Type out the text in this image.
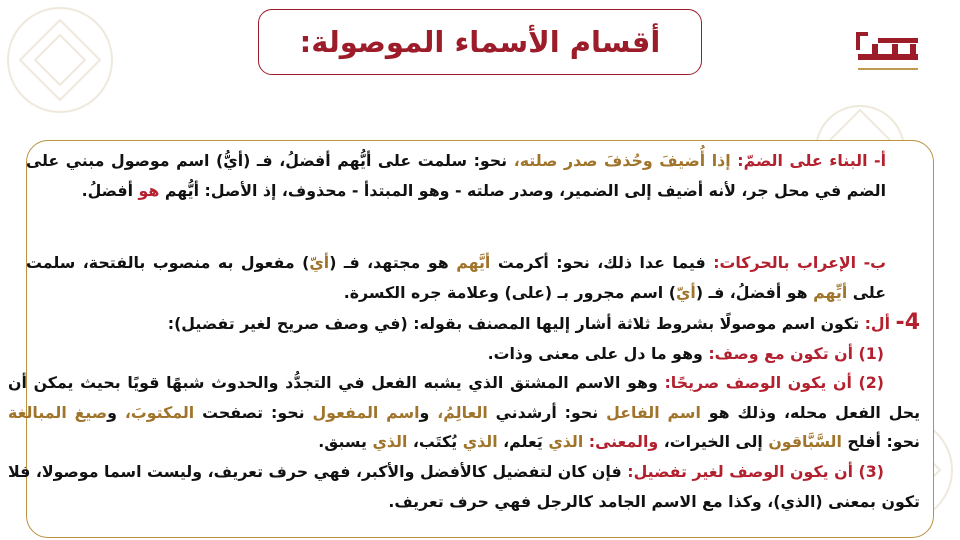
أقسام الأسماء الموصولة:

أ- البناء على الضمّ: إذا أُضيفَ وحُذفَ صدر صلته، نحو: سلمت على أيُّهم أفضلُ، فـ (أيُّ) اسم موصول مبني على الضم في محل جر، لأنه أضيف إلى الضمير، وصدر صلته - وهو المبتدأ - محذوف، إذ الأصل: أيُّهم هو أفضلُ.

ب- الإعراب بالحركات: فيما عدا ذلك، نحو: أكرمت أيَّهم هو مجتهد، فـ (أيّ) مفعول به منصوب بالفتحة، سلمت على أيِّهم هو أفضلُ، فـ (أيّ) اسم مجرور بـ (على) وعلامة جره الكسرة.

4- أل: تكون اسم موصولًا بشروط ثلاثة أشار إليها المصنف بقوله: (في وصف صريح لغير تفضيل):

(1) أن تكون مع وصف: وهو ما دل على معنى وذات.

(2) أن يكون الوصف صريحًا: وهو الاسم المشتق الذي يشبه الفعل في التجدُّد والحدوث شبهًا قويًا بحيث يمكن أن يحل الفعل محله، وذلك هو اسم الفاعل نحو: أرشدني العالِمُ، واسم المفعول نحو: تصفحت المكتوبَ، وصيغ المبالغة نحو: أفلح السَّبَّاقون إلى الخيرات، والمعنى: الذي يَعلم، الذي يُكتَب، الذي يسبق.

(3) أن يكون الوصف لغير تفضيل: فإن كان لتفضيل كالأفضل والأكبر، فهي حرف تعريف، وليست اسما موصولا، فلا تكون بمعنى (الذي)، وكذا مع الاسم الجامد كالرجل فهي حرف تعريف.
